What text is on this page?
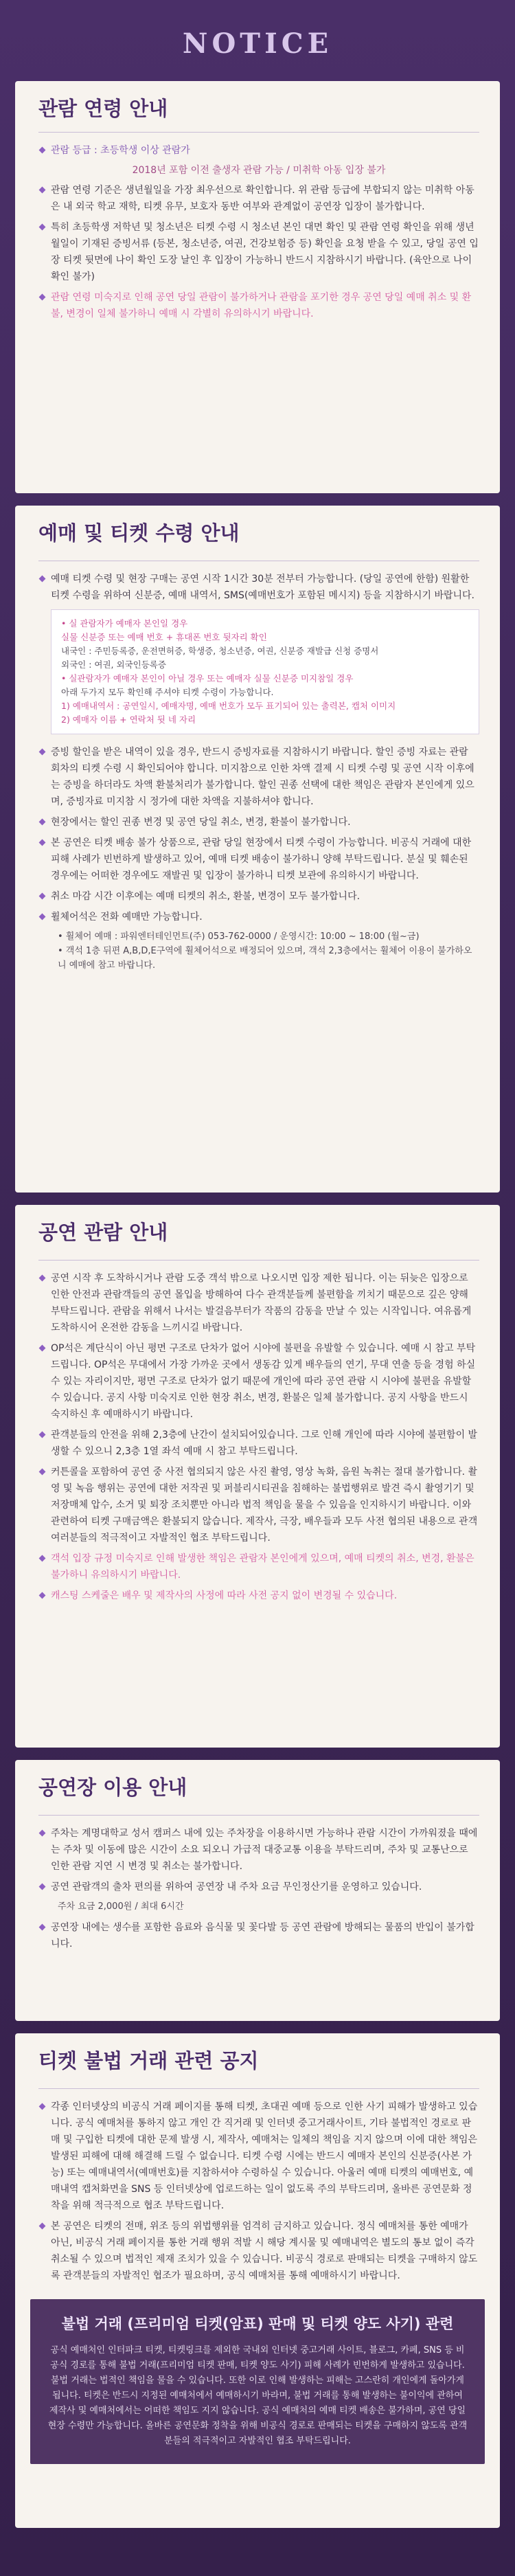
NOTICE
관람 연령 안내
관람 등급 : 초등학생 이상 관람가
2018년 포함 이전 출생자 관람 가능 / 미취학 아동 입장 불가
관람 연령 기준은 생년월일을 가장 최우선으로 확인합니다. 위 관람 등급에 부합되지 않는 미취학 아동은 내 외국 학교 재학, 티켓 유무, 보호자 동반 여부와 관계없이 공연장 입장이 불가합니다.
특히 초등학생 저학년 및 청소년은 티켓 수령 시 청소년 본인 대면 확인 및 관람 연령 확인을 위해 생년월일이 기재된 증빙서류 (등본, 청소년증, 여권, 건강보험증 등) 확인을 요청 받을 수 있고, 당일 공연 입장 티켓 뒷면에 나이 확인 도장 날인 후 입장이 가능하니 반드시 지참하시기 바랍니다. (육안으로 나이 확인 불가)
관람 연령 미숙지로 인해 공연 당일 관람이 불가하거나 관람을 포기한 경우 공연 당일 예매 취소 및 환불, 변경이 일체 불가하니 예매 시 각별히 유의하시기 바랍니다.
예매 및 티켓 수령 안내
예매 티켓 수령 및 현장 구매는 공연 시작 1시간 30분 전부터 가능합니다. (당일 공연에 한함) 원활한 티켓 수령을 위하여 신분증, 예매 내역서, SMS(예매번호가 포함된 메시지) 등을 지참하시기 바랍니다.
• 실 관람자가 예매자 본인일 경우
실물 신분증 또는 예매 번호 + 휴대폰 번호 뒷자리 확인
내국인 : 주민등록증, 운전면허증, 학생증, 청소년증, 여권, 신분증 재발급 신청 증명서
외국인 : 여권, 외국인등록증
• 실관람자가 예매자 본인이 아닐 경우 또는 예매자 실물 신분증 미지참일 경우
아래 두가지 모두 확인해 주셔야 티켓 수령이 가능합니다.
1) 예매내역서 : 공연일시, 예매자명, 예매 번호가 모두 표기되어 있는 출력본, 캡처 이미지
2) 예매자 이름 + 연락처 뒷 네 자리
증빙 할인을 받은 내역이 있을 경우, 반드시 증빙자료를 지참하시기 바랍니다. 할인 증빙 자료는 관람 회차의 티켓 수령 시 확인되어야 합니다. 미지참으로 인한 차액 결제 시 티켓 수령 및 공연 시작 이후에는 증빙을 하더라도 차액 환불처리가 불가합니다. 할인 권종 선택에 대한 책임은 관람자 본인에게 있으며, 증빙자료 미지참 시 정가에 대한 차액을 지불하셔야 합니다.
현장에서는 할인 권종 변경 및 공연 당일 취소, 변경, 환불이 불가합니다.
본 공연은 티켓 배송 불가 상품으로, 관람 당일 현장에서 티켓 수령이 가능합니다. 비공식 거래에 대한 피해 사례가 빈번하게 발생하고 있어, 예매 티켓 배송이 불가하니 양해 부탁드립니다. 분실 및 훼손된 경우에는 어떠한 경우에도 재발권 및 입장이 불가하니 티켓 보관에 유의하시기 바랍니다.
취소 마감 시간 이후에는 예매 티켓의 취소, 환불, 변경이 모두 불가합니다.
휠체어석은 전화 예매만 가능합니다.
• 휠체어 예매 : 파워엔터테인먼트(주) 053-762-0000 / 운영시간: 10:00 ~ 18:00 (월~금)
• 객석 1층 뒤편 A,B,D,E구역에 휠체어석으로 배정되어 있으며, 객석 2,3층에서는 휠체어 이용이 불가하오니 예매에 참고 바랍니다.
공연 관람 안내
공연 시작 후 도착하시거나 관람 도중 객석 밖으로 나오시면 입장 제한 됩니다. 이는 뒤늦은 입장으로 인한 안전과 관람객들의 공연 몰입을 방해하여 다수 관객분들께 불편함을 끼치기 때문으로 깊은 양해 부탁드립니다. 관람을 위해서 나서는 발걸음부터가 작품의 감동을 만날 수 있는 시작입니다. 여유롭게 도착하시어 온전한 감동을 느끼시길 바랍니다.
OP석은 계단식이 아닌 평면 구조로 단차가 없어 시야에 불편을 유발할 수 있습니다. 예매 시 참고 부탁드립니다. OP석은 무대에서 가장 가까운 곳에서 생동감 있게 배우들의 연기, 무대 연출 등을 경험 하실 수 있는 자리이지만, 평면 구조로 단차가 없기 때문에 개인에 따라 공연 관람 시 시야에 불편을 유발할 수 있습니다. 공지 사항 미숙지로 인한 현장 취소, 변경, 환불은 일체 불가합니다. 공지 사항을 반드시 숙지하신 후 예매하시기 바랍니다.
관객분들의 안전을 위해 2,3층에 난간이 설치되어있습니다. 그로 인해 개인에 따라 시야에 불편함이 발생할 수 있으니 2,3층 1열 좌석 예매 시 참고 부탁드립니다.
커튼콜을 포함하여 공연 중 사전 협의되지 않은 사진 촬영, 영상 녹화, 음원 녹취는 절대 불가합니다. 촬영 및 녹음 행위는 공연에 대한 저작권 및 퍼블리시티권을 침해하는 불법행위로 발견 즉시 촬영기기 및 저장매체 압수, 소거 및 퇴장 조치뿐만 아니라 법적 책임을 물을 수 있음을 인지하시기 바랍니다. 이와 관련하여 티켓 구매금액은 환불되지 않습니다. 제작사, 극장, 배우들과 모두 사전 협의된 내용으로 관객 여러분들의 적극적이고 자발적인 협조 부탁드립니다.
객석 입장 규정 미숙지로 인해 발생한 책임은 관람자 본인에게 있으며, 예매 티켓의 취소, 변경, 환불은 불가하니 유의하시기 바랍니다.
캐스팅 스케줄은 배우 및 제작사의 사정에 따라 사전 공지 없이 변경될 수 있습니다.
공연장 이용 안내
주차는 계명대학교 성서 캠퍼스 내에 있는 주차장을 이용하시면 가능하나 관람 시간이 가까워졌을 때에는 주차 및 이동에 많은 시간이 소요 되오니 가급적 대중교통 이용을 부탁드리며, 주차 및 교통난으로 인한 관람 지연 시 변경 및 취소는 불가합니다.
공연 관람객의 출차 편의를 위하여 공연장 내 주차 요금 무인정산기를 운영하고 있습니다.
주차 요금 2,000원 / 최대 6시간
공연장 내에는 생수를 포함한 음료와 음식물 및 꽃다발 등 공연 관람에 방해되는 물품의 반입이 불가합니다.
티켓 불법 거래 관련 공지
각종 인터넷상의 비공식 거래 페이지를 통해 티켓, 초대권 예매 등으로 인한 사기 피해가 발생하고 있습니다. 공식 예매처를 통하지 않고 개인 간 직거래 및 인터넷 중고거래사이트, 기타 불법적인 경로로 판매 및 구입한 티켓에 대한 문제 발생 시, 제작사, 예매처는 일체의 책임을 지지 않으며 이에 대한 책임은 발생된 피해에 대해 해결해 드릴 수 없습니다. 티켓 수령 시에는 반드시 예매자 본인의 신분증(사본 가능) 또는 예매내역서(예매번호)를 지참하셔야 수령하실 수 있습니다. 아울러 예매 티켓의 예매번호, 예매내역 캡처화면을 SNS 등 인터넷상에 업로드하는 일이 없도록 주의 부탁드리며, 올바른 공연문화 정착을 위해 적극적으로 협조 부탁드립니다.
본 공연은 티켓의 전매, 위조 등의 위법행위를 엄격히 금지하고 있습니다. 정식 예매처를 통한 예매가 아닌, 비공식 거래 페이지를 통한 거래 행위 적발 시 해당 계시물 및 예매내역은 별도의 통보 없이 즉각 취소될 수 있으며 법적인 제재 조치가 있을 수 있습니다. 비공식 경로로 판매되는 티켓을 구매하지 않도록 관객분들의 자발적인 협조가 필요하며, 공식 예매처를 통해 예매하시기 바랍니다.
불법 거래 (프리미엄 티켓(암표) 판매 및 티켓 양도 사기) 관련

공식 예매처인 인터파크 티켓, 티켓링크를 제외한 국내외 인터넷 중고거래 사이트, 블로그, 카페, SNS 등 비공식 경로를 통해 불법 거래(프리미엄 티켓 판매, 티켓 양도 사기) 피해 사례가 빈번하게 발생하고 있습니다. 불법 거래는 법적인 책임을 물을 수 있습니다. 또한 이로 인해 발생하는 피해는 고스란히 개인에게 돌아가게 됩니다. 티켓은 반드시 지정된 예매처에서 예매하시기 바라며, 불법 거래를 통해 발생하는 불이익에 관하여 제작사 및 예매처에서는 어떠한 책임도 지지 않습니다. 공식 예매처의 예매 티켓 배송은 불가하며, 공연 당일 현장 수령만 가능합니다. 올바른 공연문화 정착을 위해 비공식 경로로 판매되는 티켓을 구매하지 않도록 관객분들의 적극적이고 자발적인 협조 부탁드립니다.
